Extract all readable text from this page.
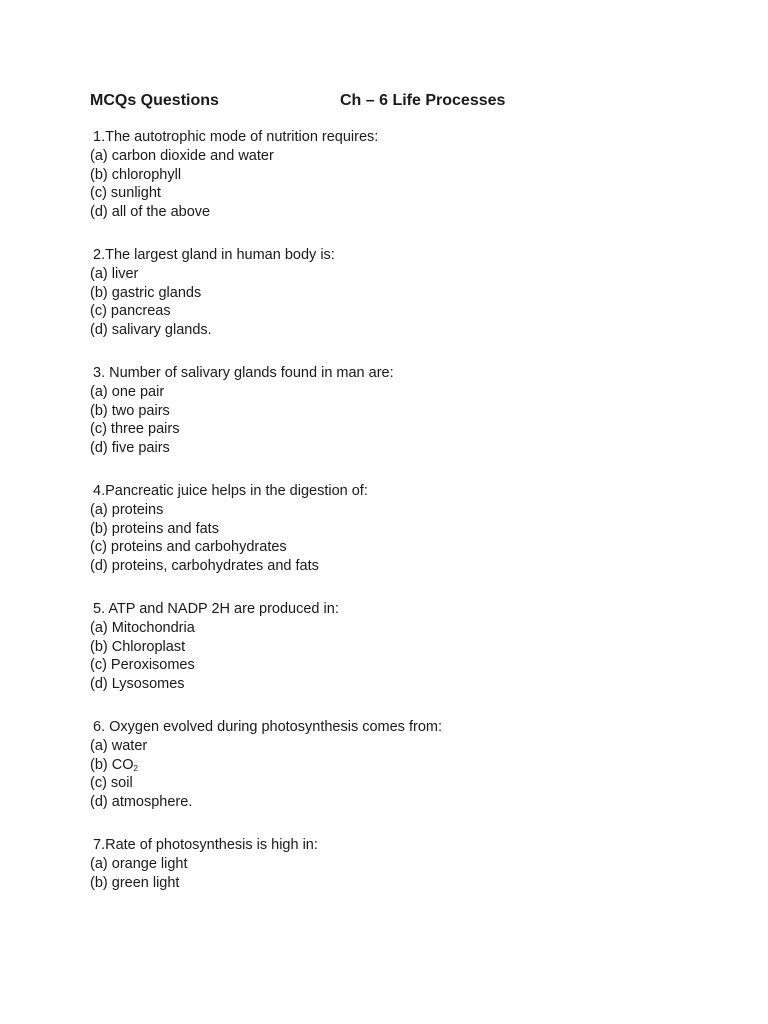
MCQs Questions	Ch – 6 Life Processes
1.The autotrophic mode of nutrition requires:
(a) carbon dioxide and water
(b) chlorophyll
(c) sunlight
(d) all of the above
2.The largest gland in human body is:
(a) liver
(b) gastric glands
(c) pancreas
(d) salivary glands.
3. Number of salivary glands found in man are:
(a) one pair
(b) two pairs
(c) three pairs
(d) five pairs
4.Pancreatic juice helps in the digestion of:
(a) proteins
(b) proteins and fats
(c) proteins and carbohydrates
(d) proteins, carbohydrates and fats
5. ATP and NADP 2H are produced in:
(a) Mitochondria
(b) Chloroplast
(c) Peroxisomes
(d) Lysosomes
6. Oxygen evolved during photosynthesis comes from:
(a) water
(b) $CO_2$
(c) soil
(d) atmosphere.
7.Rate of photosynthesis is high in:
(a) orange light
(b) green light
